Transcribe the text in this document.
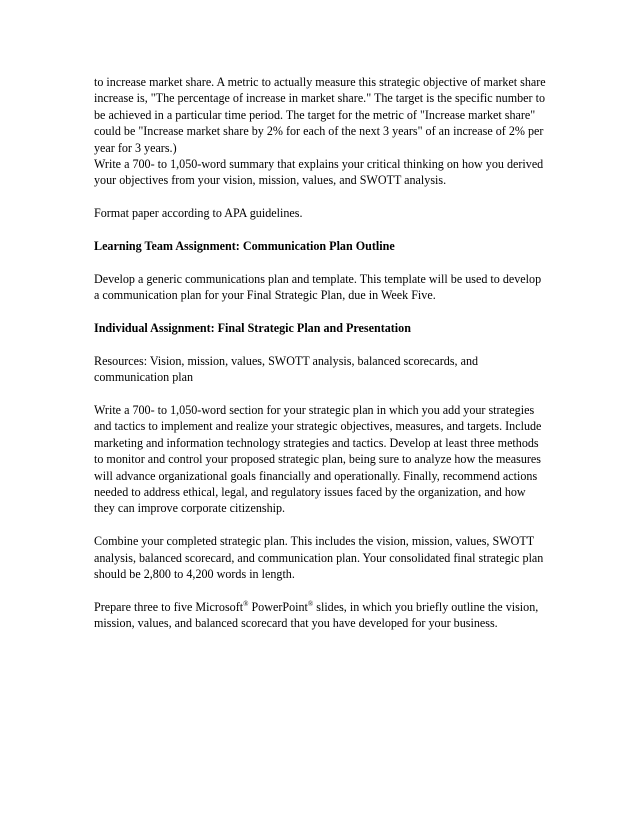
to increase market share. A metric to actually measure this strategic objective of market share increase is, "The percentage of increase in market share." The target is the specific number to be achieved in a particular time period. The target for the metric of "Increase market share" could be "Increase market share by 2% for each of the next 3 years" of an increase of 2% per year for 3 years.)

Write a 700- to 1,050-word summary that explains your critical thinking on how you derived your objectives from your vision, mission, values, and SWOTT analysis.

Format paper according to APA guidelines.

Learning Team Assignment: Communication Plan Outline

Develop a generic communications plan and template. This template will be used to develop a communication plan for your Final Strategic Plan, due in Week Five.

Individual Assignment: Final Strategic Plan and Presentation

Resources: Vision, mission, values, SWOTT analysis, balanced scorecards, and communication plan

Write a 700- to 1,050-word section for your strategic plan in which you add your strategies and tactics to implement and realize your strategic objectives, measures, and targets. Include marketing and information technology strategies and tactics. Develop at least three methods to monitor and control your proposed strategic plan, being sure to analyze how the measures will advance organizational goals financially and operationally. Finally, recommend actions needed to address ethical, legal, and regulatory issues faced by the organization, and how they can improve corporate citizenship.

Combine your completed strategic plan. This includes the vision, mission, values, SWOTT analysis, balanced scorecard, and communication plan. Your consolidated final strategic plan should be 2,800 to 4,200 words in length.

Prepare three to five Microsoft® PowerPoint® slides, in which you briefly outline the vision, mission, values, and balanced scorecard that you have developed for your business.
